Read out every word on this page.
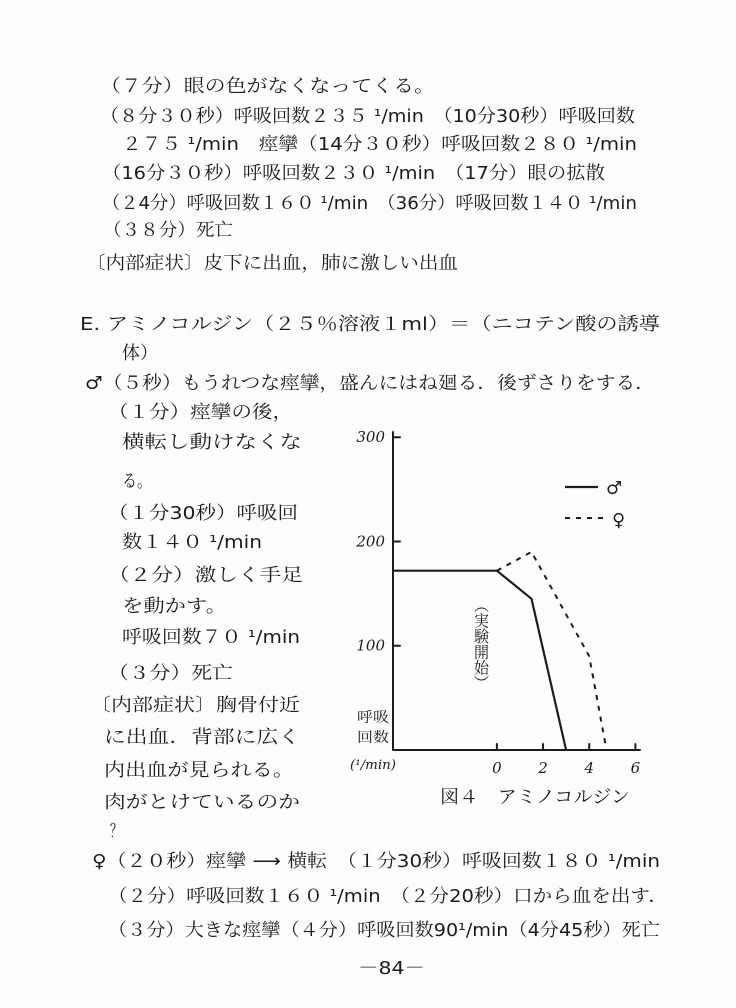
（７分）眼の色がなくなってくる。
（８分３０秒）呼吸回数２３５ ¹/min　（10分30秒）呼吸回数
２７５ ¹/min　痙攣（14分３０秒）呼吸回数２８０ ¹/min
（16分３０秒）呼吸回数２３０ ¹/min　（17分）眼の拡散
（２4分）呼吸回数１６０ ¹/min　（36分）呼吸回数１４０ ¹/min
（３８分）死亡
〔内部症状〕皮下に出血，肺に激しい出血
E. アミノコルジン（２５％溶液１ml）＝（ニコテン酸の誘導
体）
♂（５秒）もうれつな痙攣，盛んにはね廻る．後ずさりをする．
（１分）痙攣の後，
横転し動けなくな
る。
（１分30秒）呼吸回
数１４０ ¹/min
（２分）激しく手足
を動かす。
呼吸回数７０ ¹/min
（３分）死亡
〔内部症状〕胸骨付近
に出血．背部に広く
内出血が見られる。
肉がとけているのか
？
♀（２０秒）痙攣 ⟶ 横転　（１分30秒）呼吸回数１８０ ¹/min
（２分）呼吸回数１６０ ¹/min　（２分20秒）口から血を出す．
（３分）大きな痙攣（４分）呼吸回数90¹/min（4分45秒）死亡
♂
♀
（実験開始）
呼吸
回数
(¹/min)
図４　アミノコルジン
100
200
300
0 2 4 6
－84－
